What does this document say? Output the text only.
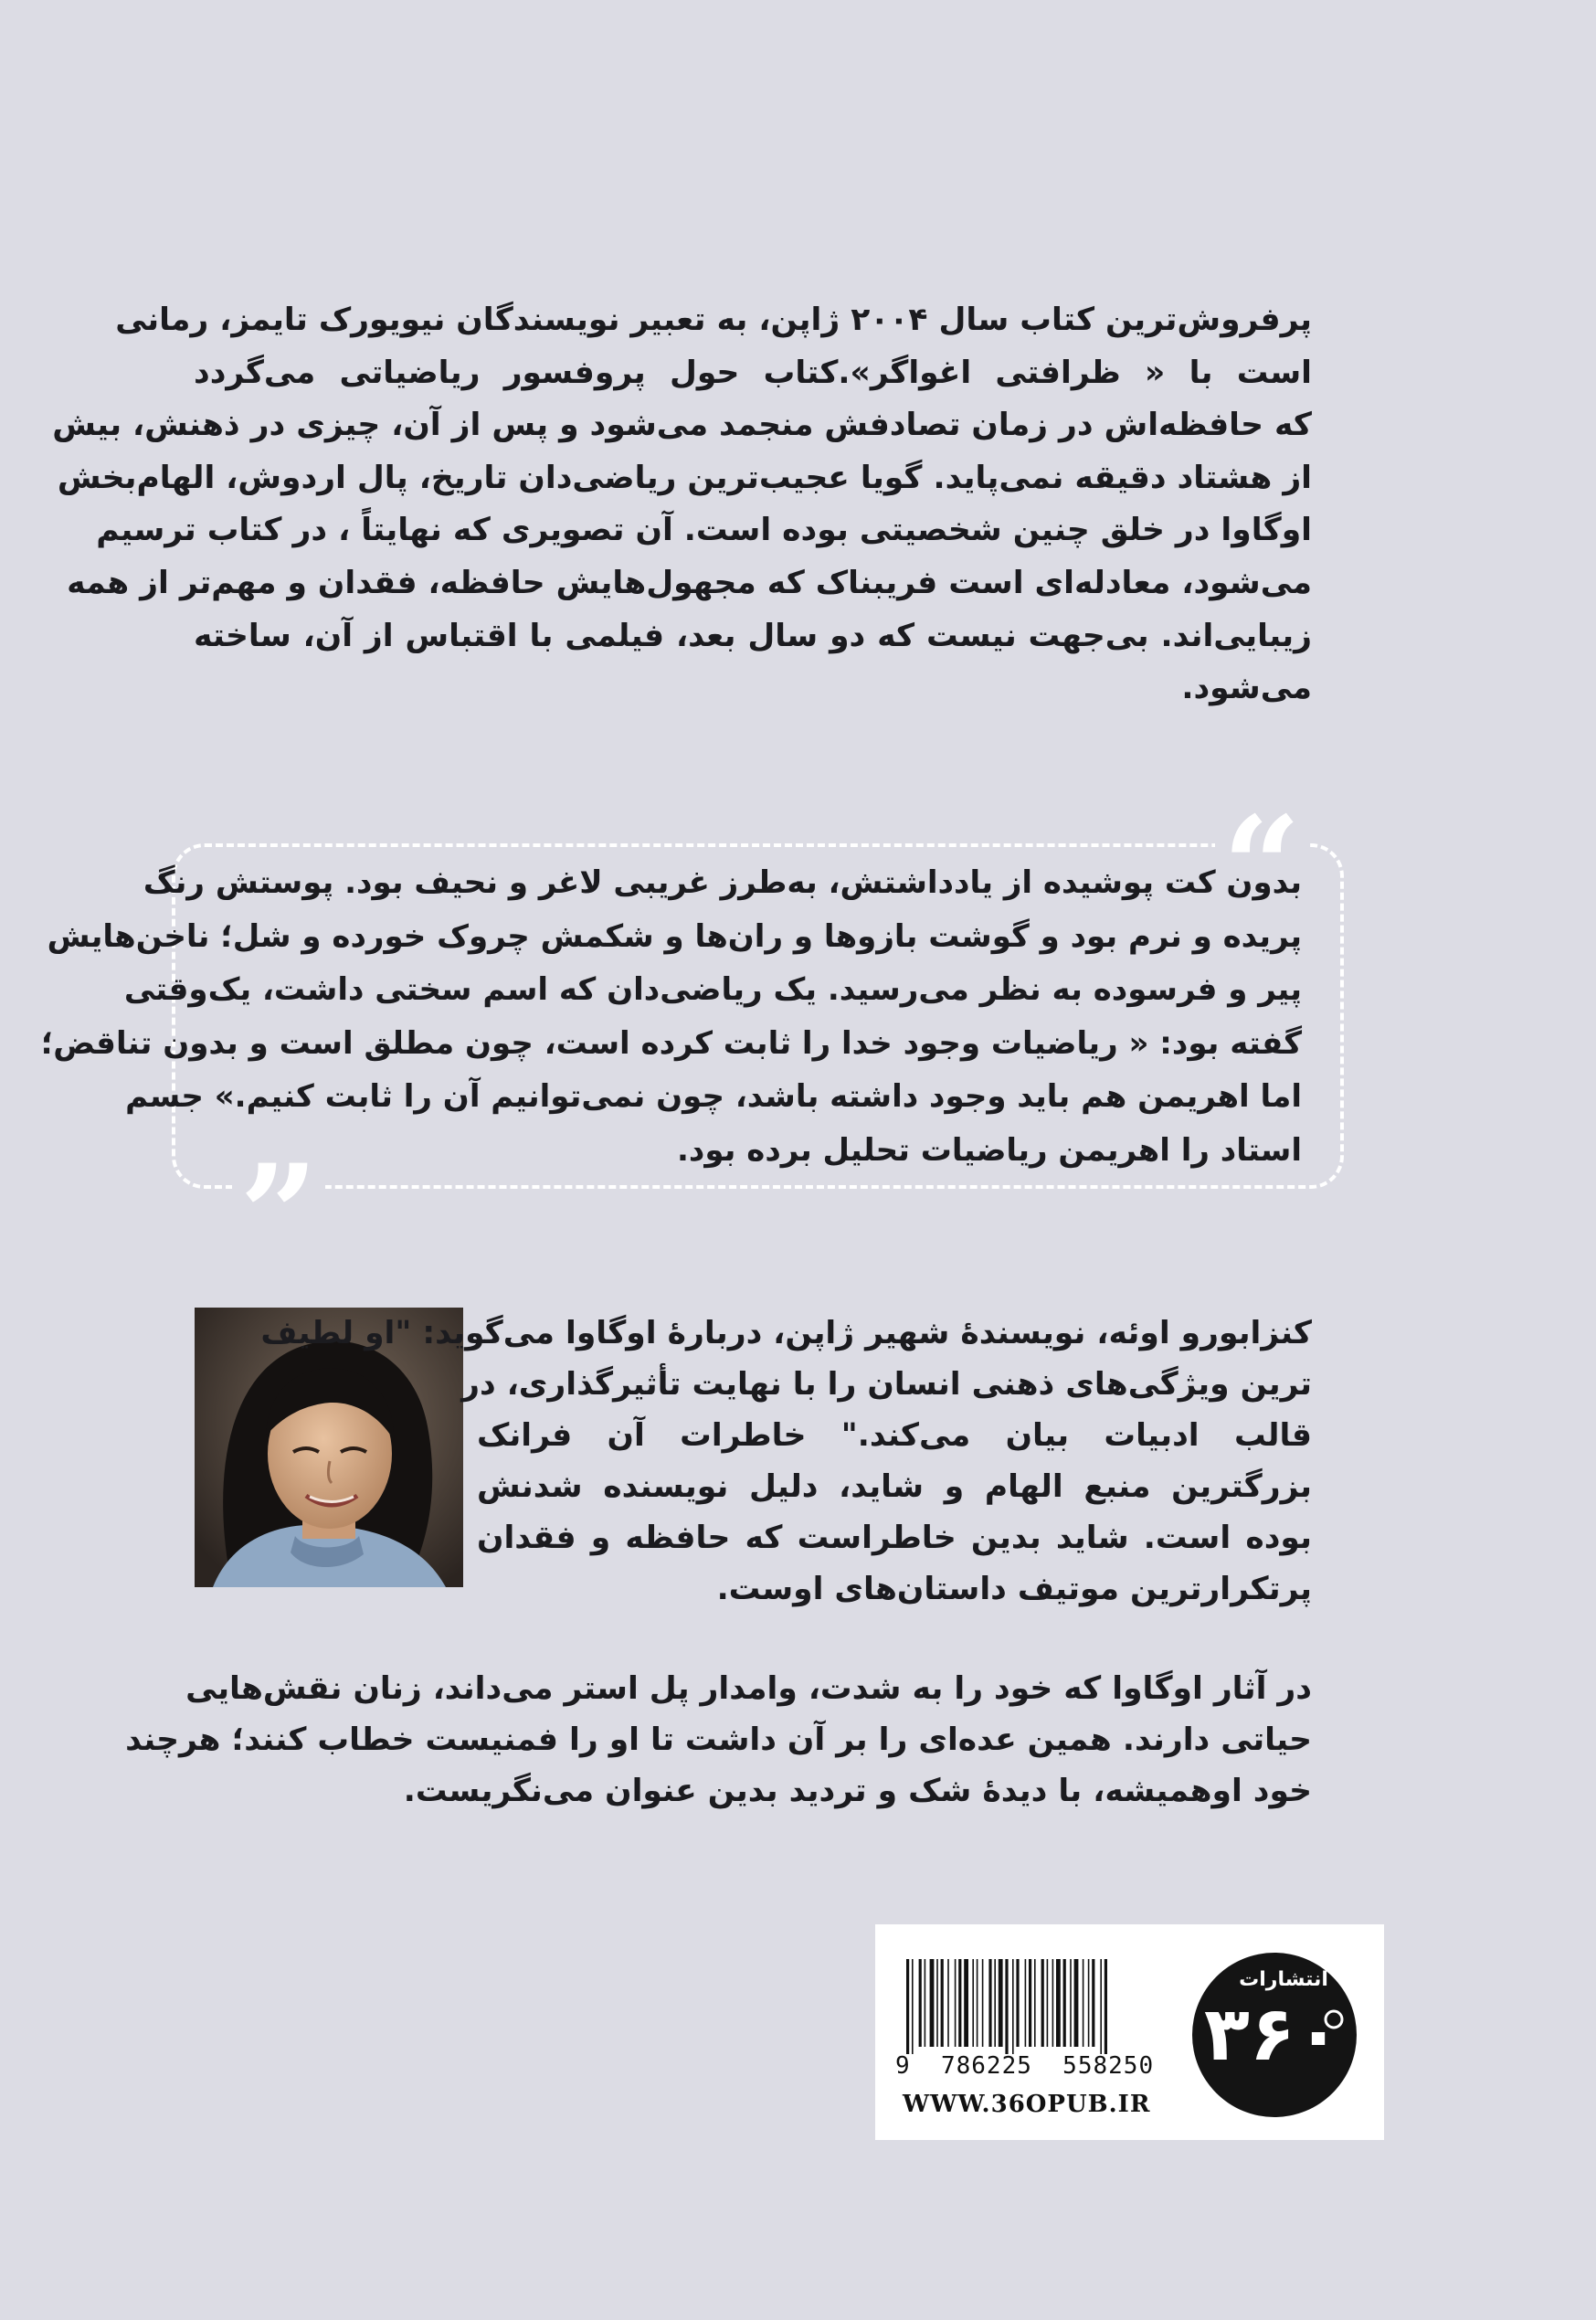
پرفروش‌ترین کتاب سال ۲۰۰۴ ژاپن، به تعبیر نویسندگان نیویورک تایمز، رمانی
است با « ظرافتی اغواگر».کتاب حول پروفسور ریاضیاتی می‌گردد
که حافظه‌اش در زمان تصادفش منجمد می‌شود و پس از آن، چیزی در ذهنش، بیش
از هشتاد دقیقه نمی‌پاید. گویا عجیب‌ترین ریاضی‌دان تاریخ، پال اردوش، الهام‌بخش
اوگاوا در خلق چنین شخصیتی بوده است. آن تصویری که نهایتاً ، در کتاب ترسیم
می‌شود، معادله‌ای است فریبناک که مجهول‌هایش حافظه، فقدان و مهم‌تر از همه
زیبایی‌اند. بی‌جهت نیست که دو سال بعد، فیلمی با اقتباس از آن، ساخته
می‌شود.
“
”
بدون کت پوشیده از یادداشتش، به‌طرز غریبی لاغر و نحیف بود. پوستش رنگ
پریده و نرم بود و گوشت بازوها و ران‌ها و شکمش چروک خورده و شل؛ ناخن‌هایش
پیر و فرسوده به نظر می‌رسید. یک ریاضی‌دان که اسم سختی داشت، یک‌وقتی
گفته بود: « ریاضیات وجود خدا را ثابت کرده است، چون مطلق است و بدون تناقض؛
اما اهریمن هم باید وجود داشته باشد، چون نمی‌توانیم آن را ثابت کنیم.» جسم
استاد را اهریمن ریاضیات تحلیل برده بود.
کنزابورو اوئه، نویسندهٔ شهیر ژاپن، دربارهٔ اوگاوا می‌گوید: "او لطیف
ترین ویژگی‌های ذهنی انسان را با نهایت تأثیرگذاری، در
قالب ادبیات بیان می‌کند." خاطرات آن فرانک
بزرگترین منبع الهام و شاید، دلیل نویسنده شدنش
بوده است. شاید بدین خاطراست که حافظه و فقدان
پرتکرارترین موتیف داستان‌های اوست.
در آثار اوگاوا که خود را به شدت، وامدار پل استر می‌داند، زنان نقش‌هایی
حیاتی دارند. همین عده‌ای را بر آن داشت تا او را فمنیست خطاب کنند؛ هرچند
خود اوهمیشه، با دیدهٔ شک و تردید بدین عنوان می‌نگریست.
9  786225  558250
WWW.36OPUB.IR
انتشارات
۳۶۰
